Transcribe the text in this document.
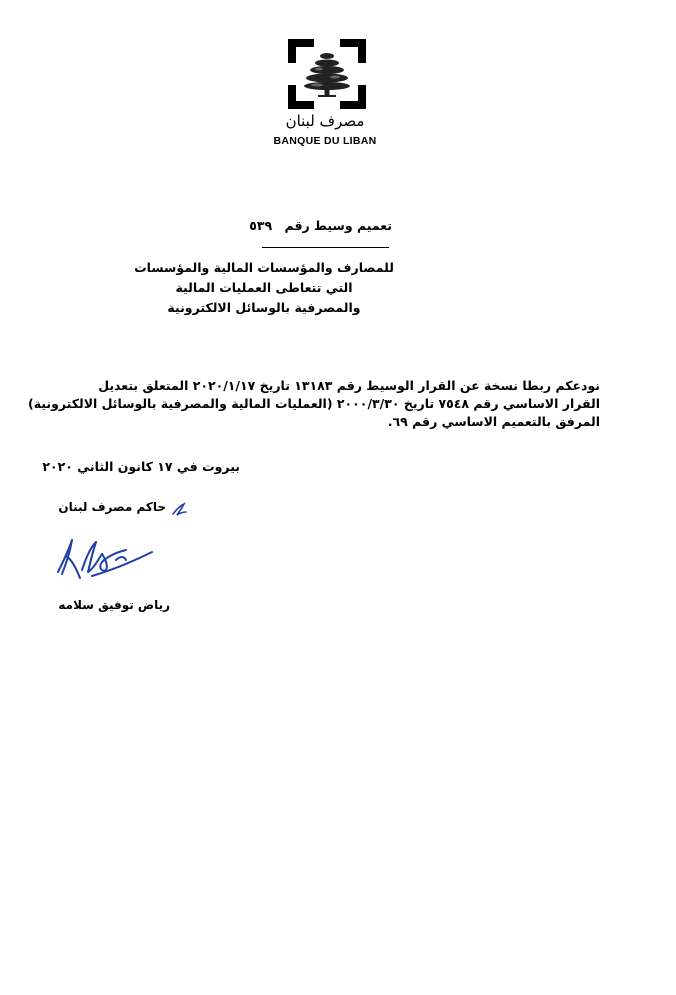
مصرف لبنان
BANQUE DU LIBAN
تعميم وسيط رقم ٥٣٩
للمصارف والمؤسسات المالية والمؤسسات التي تتعاطى العمليات المالية
والمصرفية بالوسائل الالكترونية
نودعكم ربطا نسخة عن القرار الوسيط رقم ١٣١٨٣ تاريخ ٢٠٢٠/١/١٧ المتعلق بتعديل
القرار الاساسي رقم ٧٥٤٨ تاريخ ٢٠٠٠/٣/٣٠ (العمليات المالية والمصرفية بالوسائل الالكترونية)
المرفق بالتعميم الاساسي رقم ٦٩.
بيروت في ١٧ كانون الثاني ٢٠٢٠
حاكم مصرف لبنان
رياض توفيق سلامه
